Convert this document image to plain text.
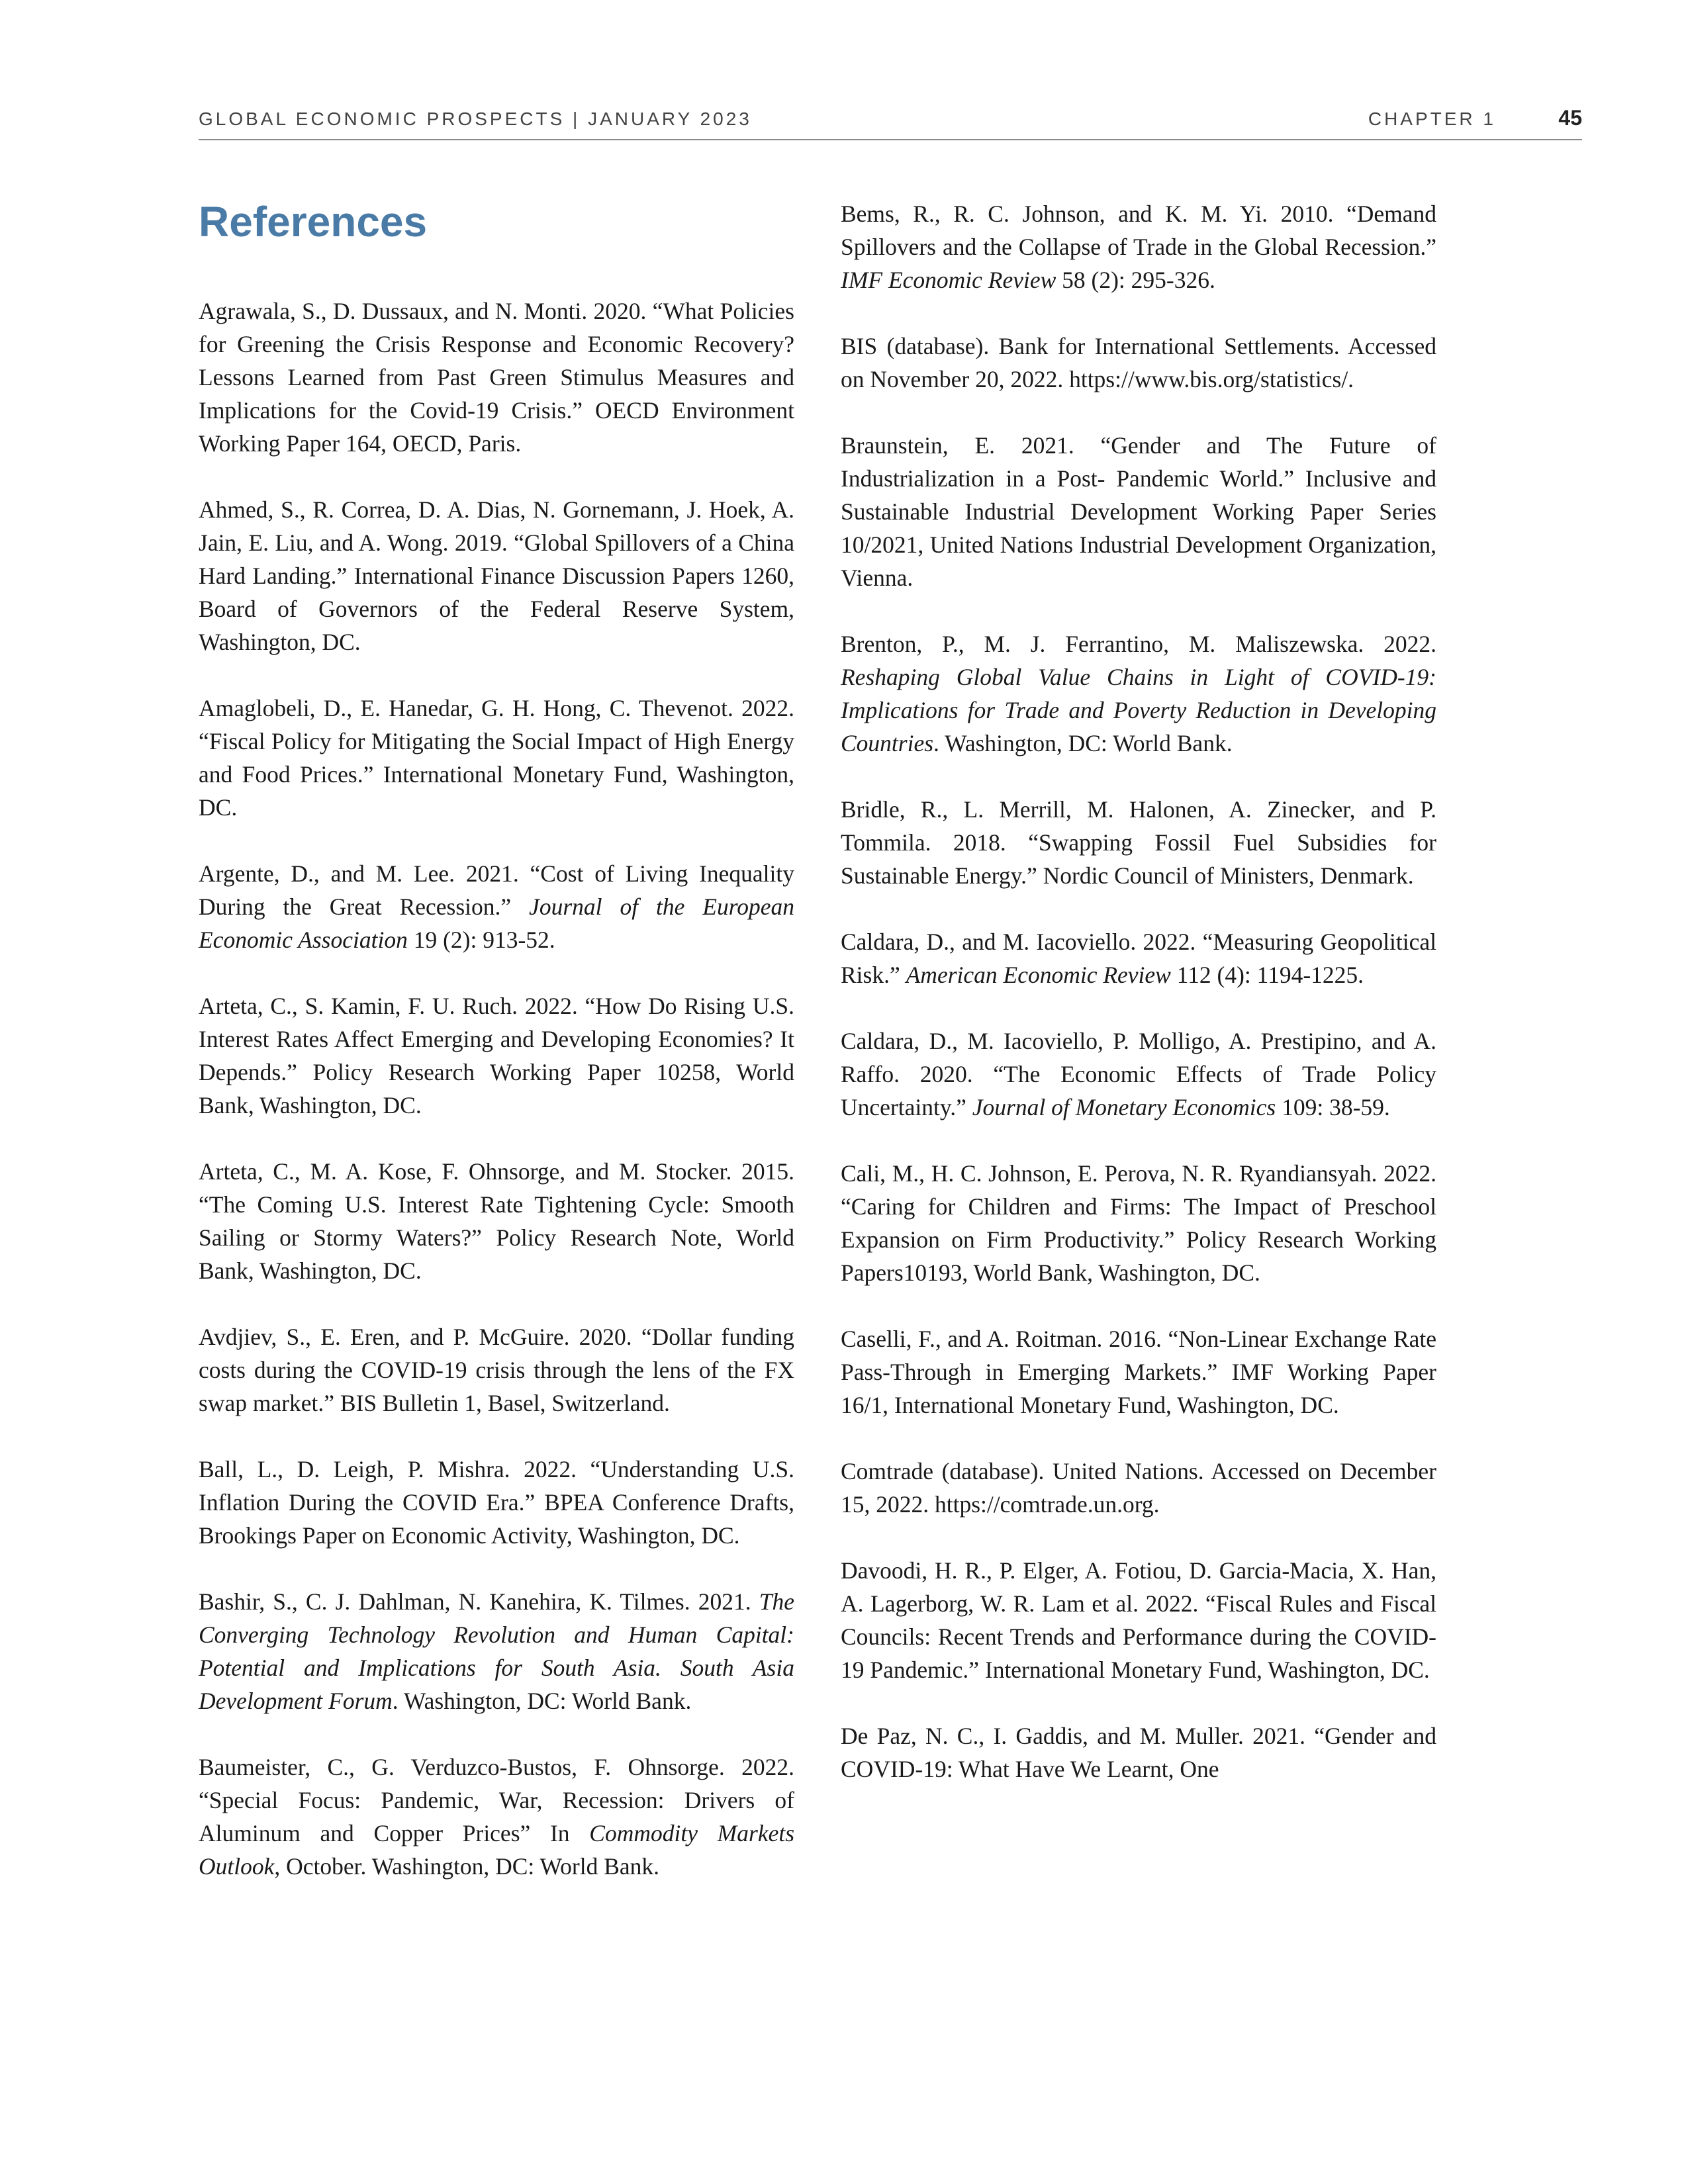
GLOBAL ECONOMIC PROSPECTS | JANUARY 2023	CHAPTER 1	45
References

Agrawala, S., D. Dussaux, and N. Monti. 2020. “What Policies for Greening the Crisis Response and Economic Recovery? Lessons Learned from Past Green Stimulus Measures and Implications for the Covid-19 Crisis.” OECD Environment Working Paper 164, OECD, Paris.

Ahmed, S., R. Correa, D. A. Dias, N. Gornemann, J. Hoek, A. Jain, E. Liu, and A. Wong. 2019. “Global Spillovers of a China Hard Landing.” International Finance Discussion Papers 1260, Board of Governors of the Federal Reserve System, Washington, DC.

Amaglobeli, D., E. Hanedar, G. H. Hong, C. Thevenot. 2022. “Fiscal Policy for Mitigating the Social Impact of High Energy and Food Prices.” International Monetary Fund, Washington, DC.

Argente, D., and M. Lee. 2021. “Cost of Living Inequality During the Great Recession.” Journal of the European Economic Association 19 (2): 913-52.

Arteta, C., S. Kamin, F. U. Ruch. 2022. “How Do Rising U.S. Interest Rates Affect Emerging and Developing Economies? It Depends.” Policy Research Working Paper 10258, World Bank, Washington, DC.

Arteta, C., M. A. Kose, F. Ohnsorge, and M. Stocker. 2015. “The Coming U.S. Interest Rate Tightening Cycle: Smooth Sailing or Stormy Waters?” Policy Research Note, World Bank, Washington, DC.

Avdjiev, S., E. Eren, and P. McGuire. 2020. “Dollar funding costs during the COVID-19 crisis through the lens of the FX swap market.” BIS Bulletin 1, Basel, Switzerland.

Ball, L., D. Leigh, P. Mishra. 2022. “Understanding U.S. Inflation During the COVID Era.” BPEA Conference Drafts, Brookings Paper on Economic Activity, Washington, DC.

Bashir, S., C. J. Dahlman, N. Kanehira, K. Tilmes. 2021. The Converging Technology Revolution and Human Capital: Potential and Implications for South Asia. South Asia Development Forum. Washington, DC: World Bank.

Baumeister, C., G. Verduzco-Bustos, F. Ohnsorge. 2022. “Special Focus: Pandemic, War, Recession: Drivers of Aluminum and Copper Prices” In Commodity Markets Outlook, October. Washington, DC: World Bank.

Bems, R., R. C. Johnson, and K. M. Yi. 2010. “Demand Spillovers and the Collapse of Trade in the Global Recession.” IMF Economic Review 58 (2): 295-326.

BIS (database). Bank for International Settlements. Accessed on November 20, 2022. https://www.bis.org/statistics/.

Braunstein, E. 2021. “Gender and The Future of Industrialization in a Post- Pandemic World.” Inclusive and Sustainable Industrial Development Working Paper Series 10/2021, United Nations Industrial Development Organization, Vienna.

Brenton, P., M. J. Ferrantino, M. Maliszewska. 2022. Reshaping Global Value Chains in Light of COVID-19: Implications for Trade and Poverty Reduction in Developing Countries. Washington, DC: World Bank.

Bridle, R., L. Merrill, M. Halonen, A. Zinecker, and P. Tommila. 2018. “Swapping Fossil Fuel Subsidies for Sustainable Energy.” Nordic Council of Ministers, Denmark.

Caldara, D., and M. Iacoviello. 2022. “Measuring Geopolitical Risk.” American Economic Review 112 (4): 1194-1225.

Caldara, D., M. Iacoviello, P. Molligo, A. Prestipino, and A. Raffo. 2020. “The Economic Effects of Trade Policy Uncertainty.” Journal of Monetary Economics 109: 38-59.

Cali, M., H. C. Johnson, E. Perova, N. R. Ryandiansyah. 2022. “Caring for Children and Firms: The Impact of Preschool Expansion on Firm Productivity.” Policy Research Working Papers10193, World Bank, Washington, DC.

Caselli, F., and A. Roitman. 2016. “Non-Linear Exchange Rate Pass-Through in Emerging Markets.” IMF Working Paper 16/1, International Monetary Fund, Washington, DC.

Comtrade (database). United Nations. Accessed on December 15, 2022. https://comtrade.un.org.

Davoodi, H. R., P. Elger, A. Fotiou, D. Garcia-Macia, X. Han, A. Lagerborg, W. R. Lam et al. 2022. “Fiscal Rules and Fiscal Councils: Recent Trends and Performance during the COVID-19 Pandemic.” International Monetary Fund, Washington, DC.

De Paz, N. C., I. Gaddis, and M. Muller. 2021. “Gender and COVID-19: What Have We Learnt, One
